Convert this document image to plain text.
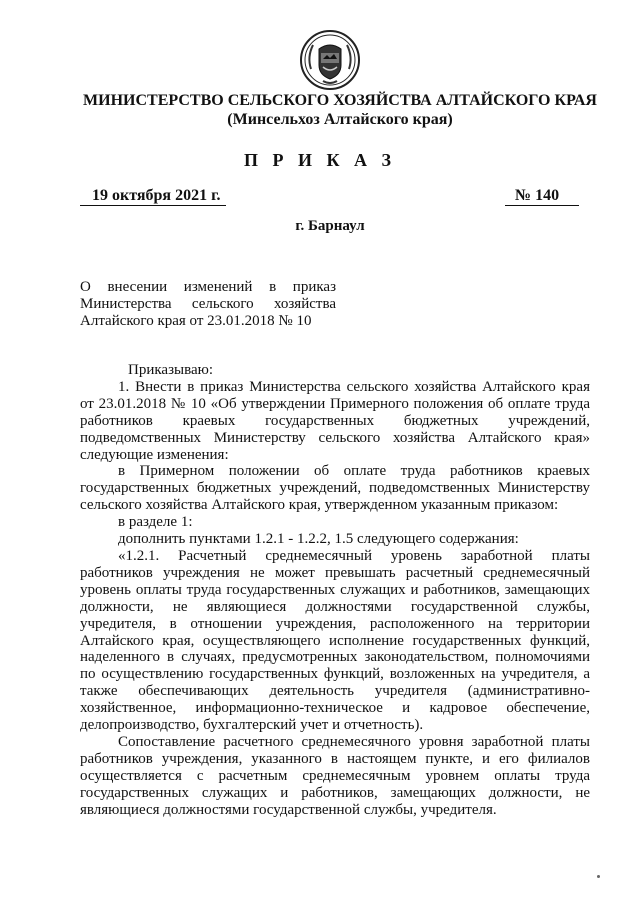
МИНИСТЕРСТВО СЕЛЬСКОГО ХОЗЯЙСТВА АЛТАЙСКОГО КРАЯ
(Минсельхоз Алтайского края)
П Р И К А З
19 октября 2021 г.	№ 140
г. Барнаул
О внесении изменений в приказ
Министерства сельского хозяйства
Алтайского края от 23.01.2018 № 10

Приказываю:

1. Внести в приказ Министерства сельского хозяйства Алтайского края от 23.01.2018 № 10 «Об утверждении Примерного положения об оплате труда работников краевых государственных бюджетных учреждений, подведомственных Министерству сельского хозяйства Алтайского края» следующие изменения:

в Примерном положении об оплате труда работников краевых государственных бюджетных учреждений, подведомственных Министерству сельского хозяйства Алтайского края, утвержденном указанным приказом:

в разделе 1:

дополнить пунктами 1.2.1 - 1.2.2, 1.5 следующего содержания:

«1.2.1. Расчетный среднемесячный уровень заработной платы работников учреждения не может превышать расчетный среднемесячный уровень оплаты труда государственных служащих и работников, замещающих должности, не являющиеся должностями государственной службы, учредителя, в отношении учреждения, расположенного на территории Алтайского края, осуществляющего исполнение государственных функций, наделенного в случаях, предусмотренных законодательством, полномочиями по осуществлению государственных функций, возложенных на учредителя, а также обеспечивающих деятельность учредителя (административно-хозяйственное, информационно-техническое и кадровое обеспечение, делопроизводство, бухгалтерский учет и отчетность).

Сопоставление расчетного среднемесячного уровня заработной платы работников учреждения, указанного в настоящем пункте, и его филиалов осуществляется с расчетным среднемесячным уровнем оплаты труда государственных служащих и работников, замещающих должности, не являющиеся должностями государственной службы, учредителя.
